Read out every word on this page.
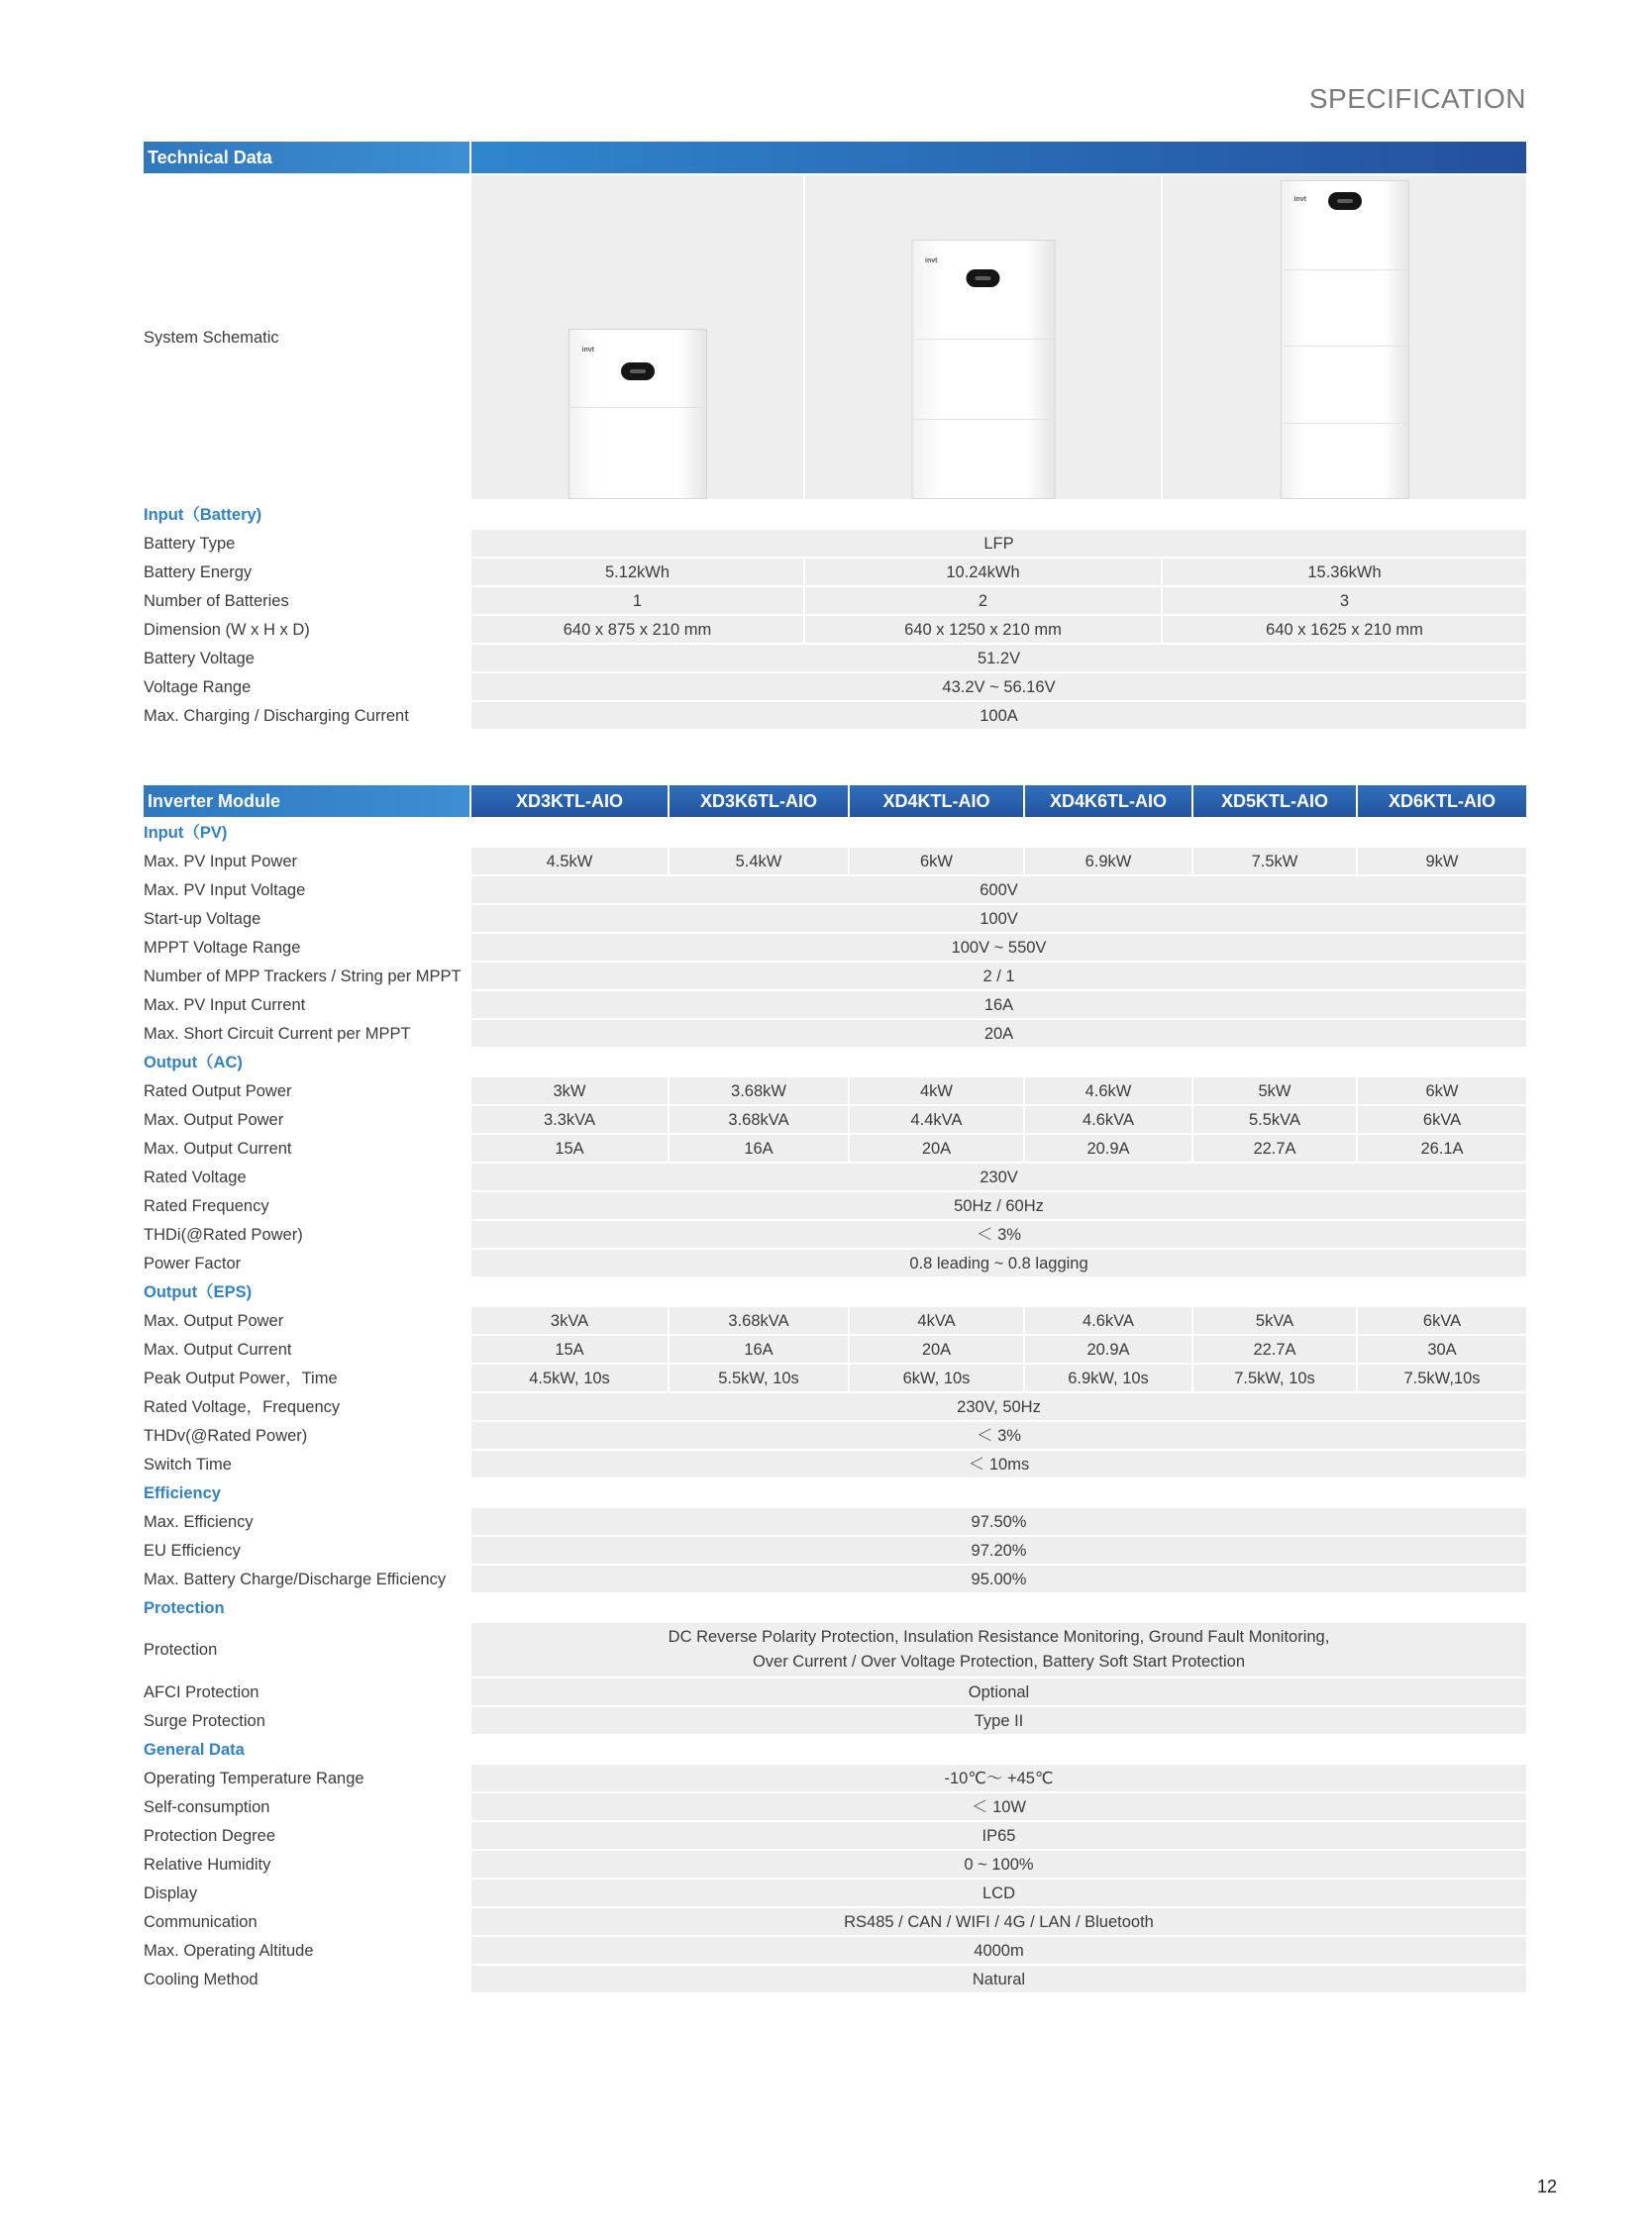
SPECIFICATION
Technical Data			
System Schematic	invt	invt	invt

Input（Battery)			
Battery Type	LFP		
Battery Energy	5.12kWh	10.24kWh	15.36kWh
Number of Batteries	1	2	3
Dimension (W x H x D)	640 x 875 x 210 mm	640 x 1250 x 210 mm	640 x 1625 x 210 mm
Battery Voltage	51.2V		
Voltage Range	43.2V ~ 56.16V		
Max. Charging / Discharging Current	100A		
Inverter Module	XD3KTL-AIO	XD3K6TL-AIO	XD4KTL-AIO	XD4K6TL-AIO	XD5KTL-AIO	XD6KTL-AIO
Input（PV)						
Max. PV Input Power	4.5kW	5.4kW	6kW	6.9kW	7.5kW	9kW
Max. PV Input Voltage	600V					
Start-up Voltage	100V					
MPPT Voltage Range	100V ~ 550V					
Number of MPP Trackers / String per MPPT	2 / 1					
Max. PV Input Current	16A					
Max. Short Circuit Current per MPPT	20A					
Output（AC)						
Rated Output Power	3kW	3.68kW	4kW	4.6kW	5kW	6kW
Max. Output Power	3.3kVA	3.68kVA	4.4kVA	4.6kVA	5.5kVA	6kVA
Max. Output Current	15A	16A	20A	20.9A	22.7A	26.1A
Rated Voltage	230V					
Rated Frequency	50Hz / 60Hz					
THDi(@Rated Power)	＜ 3%					
Power Factor	0.8 leading ~ 0.8 lagging					
Output（EPS)						
Max. Output Power	3kVA	3.68kVA	4kVA	4.6kVA	5kVA	6kVA
Max. Output Current	15A	16A	20A	20.9A	22.7A	30A
Peak Output Power，Time	4.5kW, 10s	5.5kW, 10s	6kW, 10s	6.9kW, 10s	7.5kW, 10s	7.5kW,10s
Rated Voltage，Frequency	230V, 50Hz					
THDv(@Rated Power)	＜ 3%					
Switch Time	＜ 10ms					
Efficiency						
Max. Efficiency	97.50%					
EU Efficiency	97.20%					
Max. Battery Charge/Discharge Efficiency	95.00%					
Protection						
Protection	DC Reverse Polarity Protection, Insulation Resistance Monitoring, Ground Fault Monitoring,
Over Current / Over Voltage Protection, Battery Soft Start Protection					
AFCI Protection	Optional					
Surge Protection	Type II					
General Data						
Operating Temperature Range	-10℃～ +45℃					
Self-consumption	＜ 10W					
Protection Degree	IP65					
Relative Humidity	0 ~ 100%					
Display	LCD					
Communication	RS485 / CAN / WIFI / 4G / LAN / Bluetooth					
Max. Operating Altitude	4000m					
Cooling Method	Natural					
12
